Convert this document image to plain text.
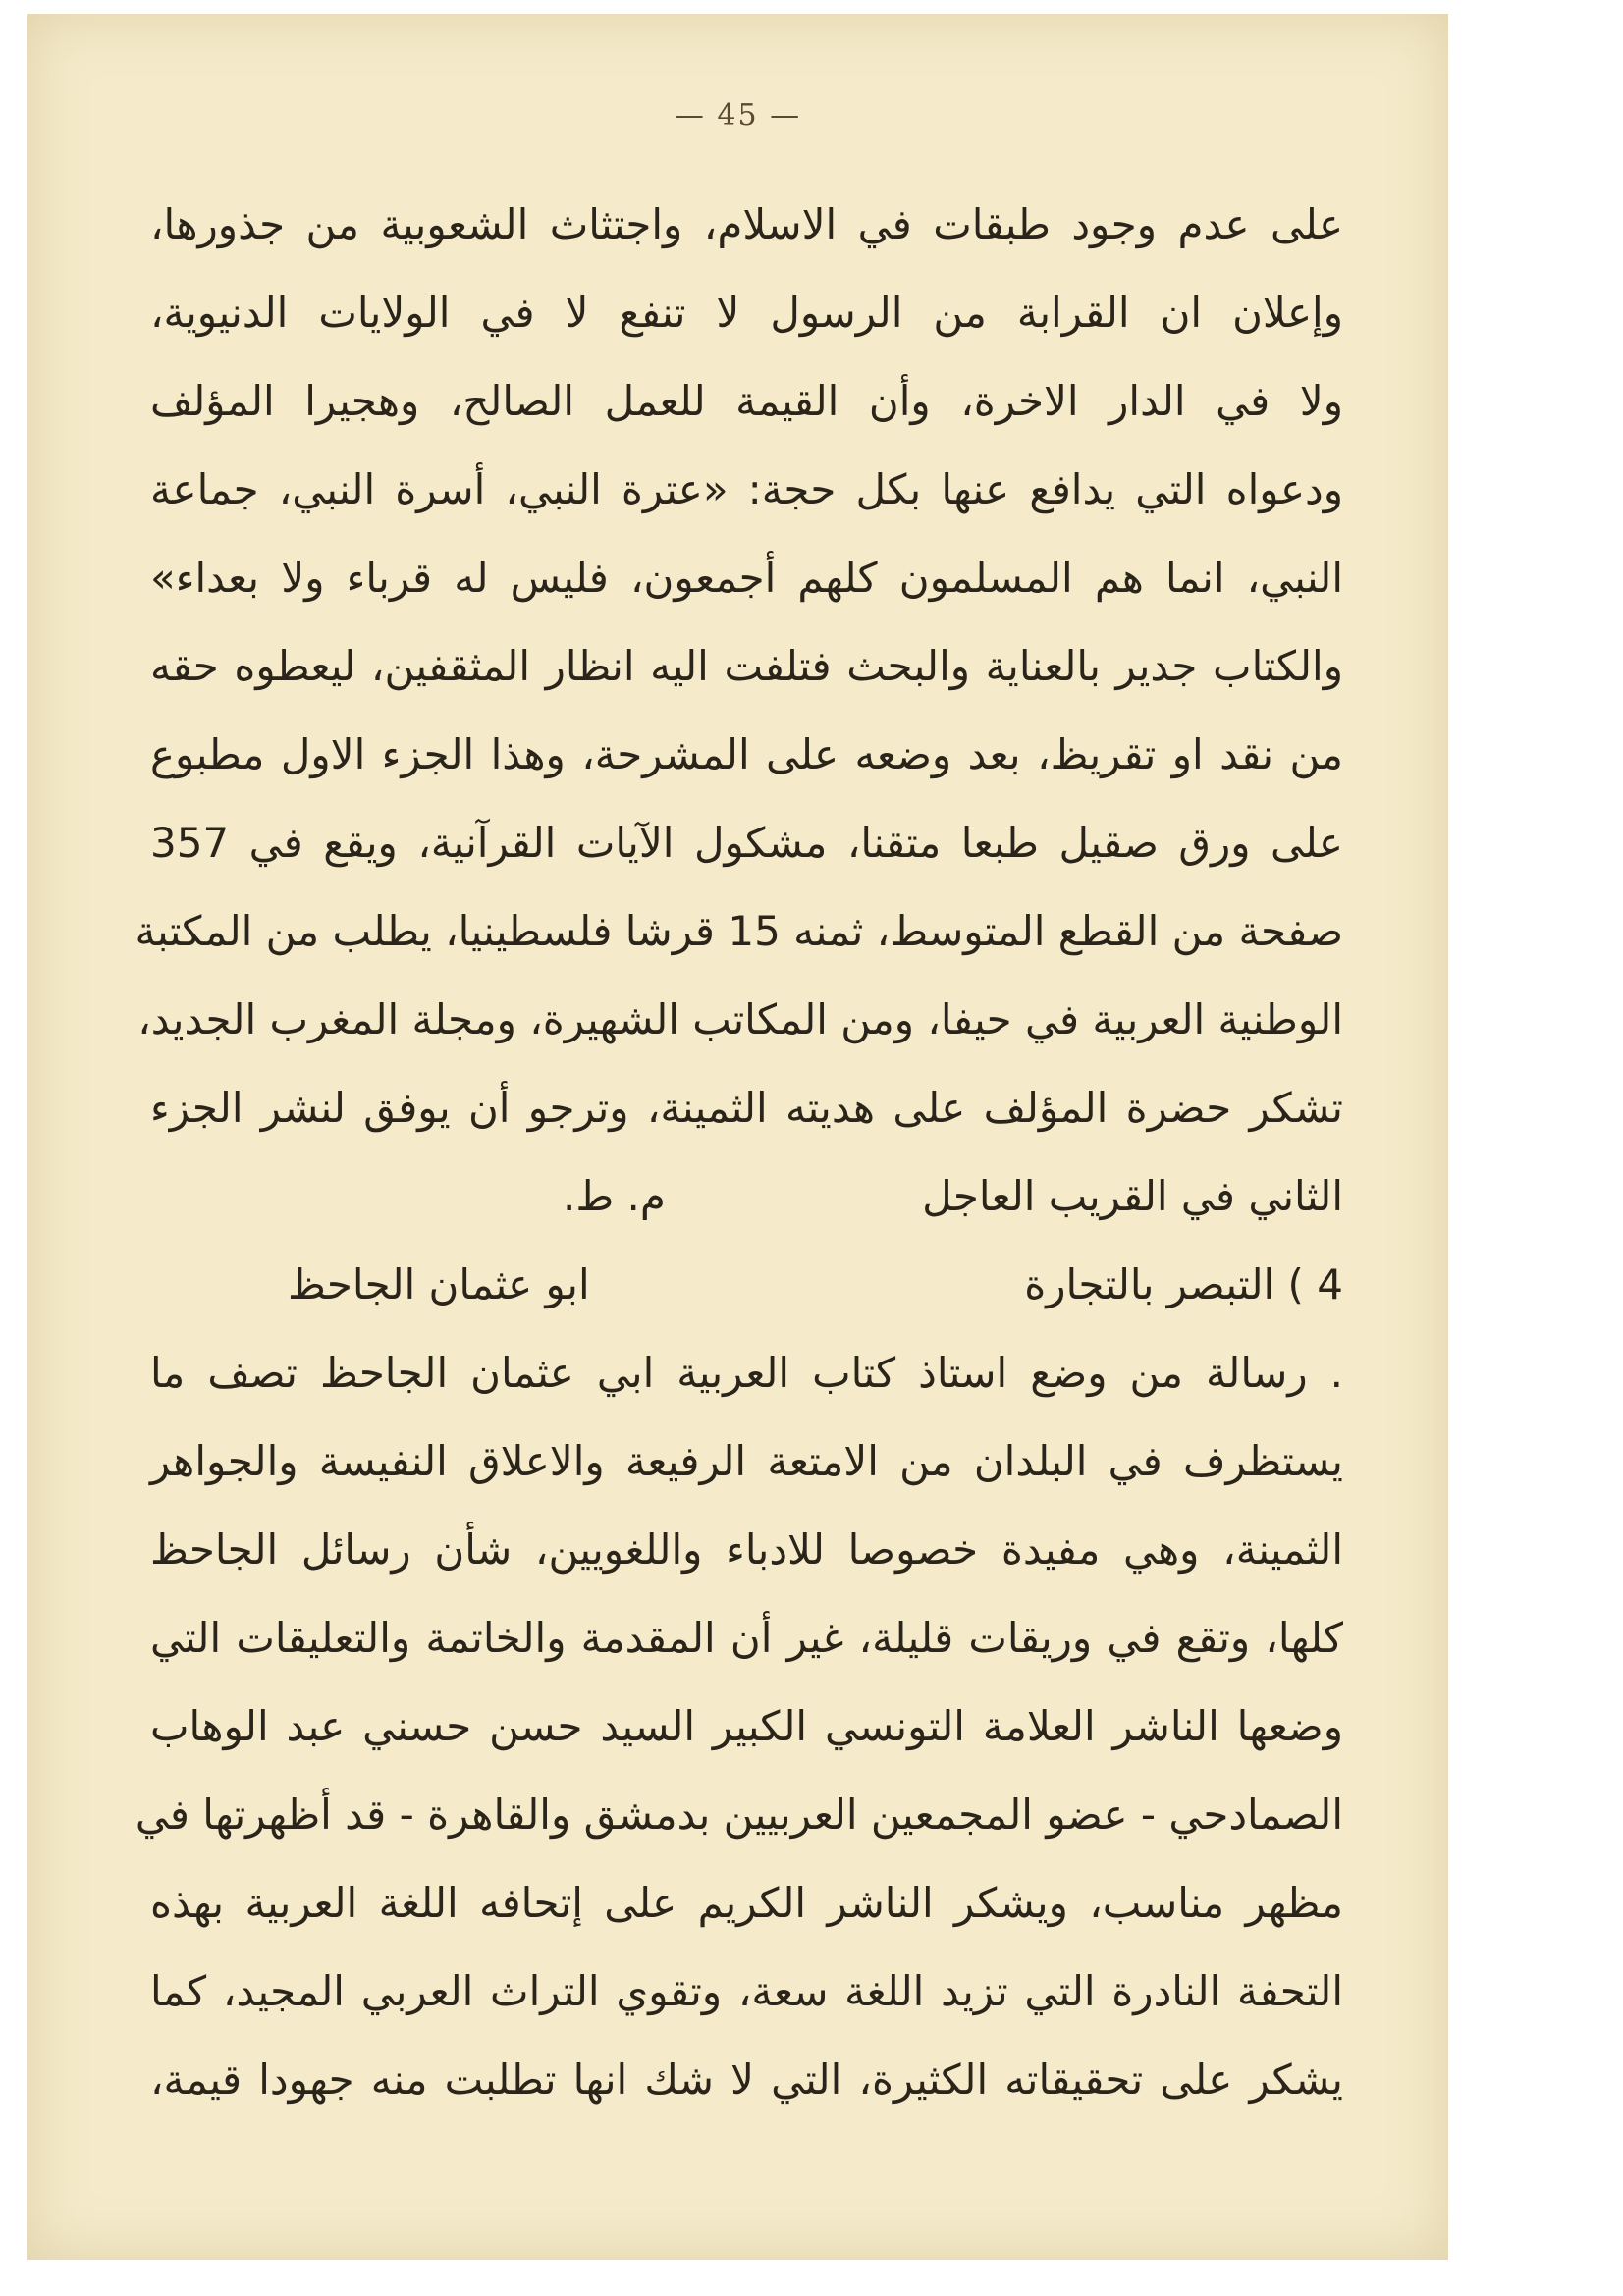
— 45 —
على عدم وجود طبقات في الاسلام، واجتثاث الشعوبية من جذورها،
وإعلان ان القرابة من الرسول لا تنفع لا في الولايات الدنيوية،
ولا في الدار الاخرة، وأن القيمة للعمل الصالح، وهجيرا المؤلف
ودعواه التي يدافع عنها بكل حجة: «عترة النبي، أسرة النبي، جماعة
النبي، انما هم المسلمون كلهم أجمعون، فليس له قرباء ولا بعداء»
والكتاب جدير بالعناية والبحث فتلفت اليه انظار المثقفين، ليعطوه حقه
من نقد او تقريظ، بعد وضعه على المشرحة، وهذا الجزء الاول مطبوع
على ورق صقيل طبعا متقنا، مشكول الآيات القرآنية، ويقع في 357
صفحة من القطع المتوسط، ثمنه 15 قرشا فلسطينيا، يطلب من المكتبة
الوطنية العربية في حيفا، ومن المكاتب الشهيرة، ومجلة المغرب الجديد،
تشكر حضرة المؤلف على هديته الثمينة، وترجو أن يوفق لنشر الجزء
الثاني في القريب العاجل
م. ط.
4 ) التبصر بالتجارة
ابو عثمان الجاحظ
. رسالة من وضع استاذ كتاب العربية ابي عثمان الجاحظ تصف ما
يستظرف في البلدان من الامتعة الرفيعة والاعلاق النفيسة والجواهر
الثمينة، وهي مفيدة خصوصا للادباء واللغويين، شأن رسائل الجاحظ
كلها، وتقع في وريقات قليلة، غير أن المقدمة والخاتمة والتعليقات التي
وضعها الناشر العلامة التونسي الكبير السيد حسن حسني عبد الوهاب
الصمادحي - عضو المجمعين العربيين بدمشق والقاهرة - قد أظهرتها في
مظهر مناسب، ويشكر الناشر الكريم على إتحافه اللغة العربية بهذه
التحفة النادرة التي تزيد اللغة سعة، وتقوي التراث العربي المجيد، كما
يشكر على تحقيقاته الكثيرة، التي لا شك انها تطلبت منه جهودا قيمة،
